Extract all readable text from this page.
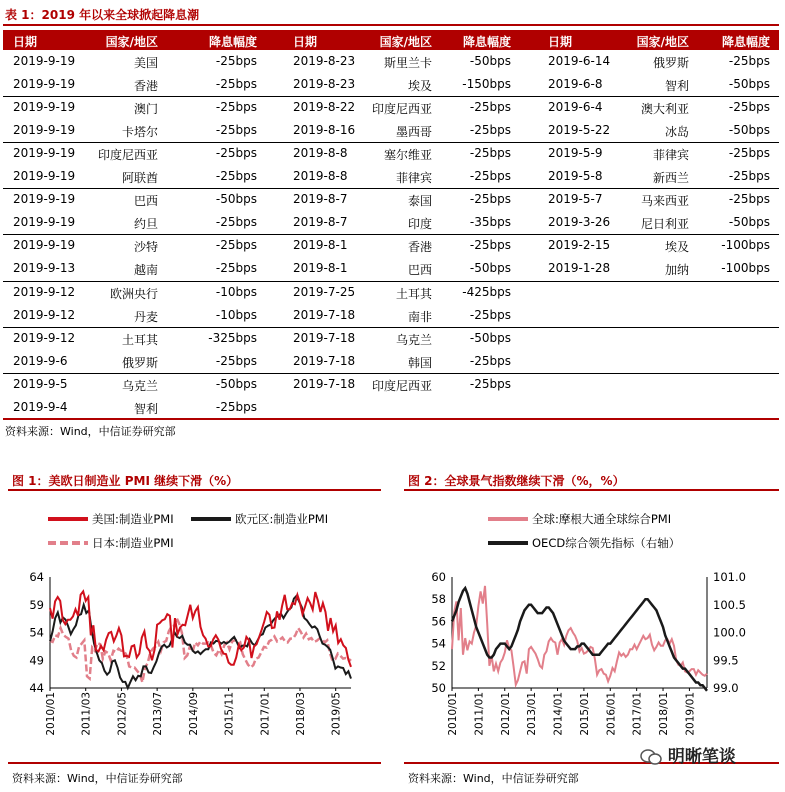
表 1：2019 年以来全球掀起降息潮
日期	国家/地区	降息幅度	日期	国家/地区	降息幅度	日期	国家/地区	降息幅度
2019-9-19	美国	-25bps	2019-8-23 斯里兰卡	-50bps	2019-6-14	俄罗斯	-25bps
2019-9-19	香港	-25bps	2019-8-23	埃及	-150bps	2019-6-8	智利	-50bps
2019-9-19	澳门	-25bps	2019-8-22 印度尼西亚	-25bps	2019-6-4	澳大利亚	-25bps
2019-9-19	卡塔尔	-25bps	2019-8-16	墨西哥	-25bps	2019-5-22	冰岛	-50bps
2019-9-19 印度尼西亚	-25bps	2019-8-8	塞尔维亚	-25bps	2019-5-9	菲律宾	-25bps
2019-9-19	阿联酋	-25bps	2019-8-8	菲律宾	-25bps	2019-5-8	新西兰	-25bps
2019-9-19	巴西	-50bps	2019-8-7	泰国	-25bps	2019-5-7	马来西亚	-25bps
2019-9-19	约旦	-25bps	2019-8-7	印度	-35bps	2019-3-26	尼日利亚	-50bps
2019-9-19	沙特	-25bps	2019-8-1	香港	-25bps	2019-2-15	埃及	-100bps
2019-9-13	越南	-25bps	2019-8-1	巴西	-50bps	2019-1-28	加纳	-100bps
2019-9-12	欧洲央行	-10bps	2019-7-25	土耳其	-425bps
2019-9-12	丹麦	-10bps	2019-7-18	南非	-25bps
2019-9-12	土耳其	-325bps	2019-7-18	乌克兰	-50bps
2019-9-6	俄罗斯	-25bps	2019-7-18	韩国	-25bps
2019-9-5	乌克兰	-50bps	2019-7-18 印度尼西亚	-25bps
2019-9-4	智利	-25bps
资料来源：Wind，中信证券研究部
图 1：美欧日制造业 PMI 继续下滑（%）
美国:制造业PMI	欧元区:制造业PMI
日本:制造业PMI
64
59
54
49
44
2010/01 2011/03 2012/05 2013/07 2014/09 2015/11 2017/01 2018/03 2019/05
资料来源：Wind，中信证券研究部
图 2：全球景气指数继续下滑（%，%）
全球:摩根大通全球综合PMI
OECD综合领先指标（右轴）
60
58
56
54
52
50
101.0
100.5
100.0
99.5
99.0
2010/01 2011/01 2012/01 2013/01 2014/01 2015/01 2016/01 2017/01 2018/01 2019/01
资料来源：Wind，中信证券研究部
明晰笔谈
